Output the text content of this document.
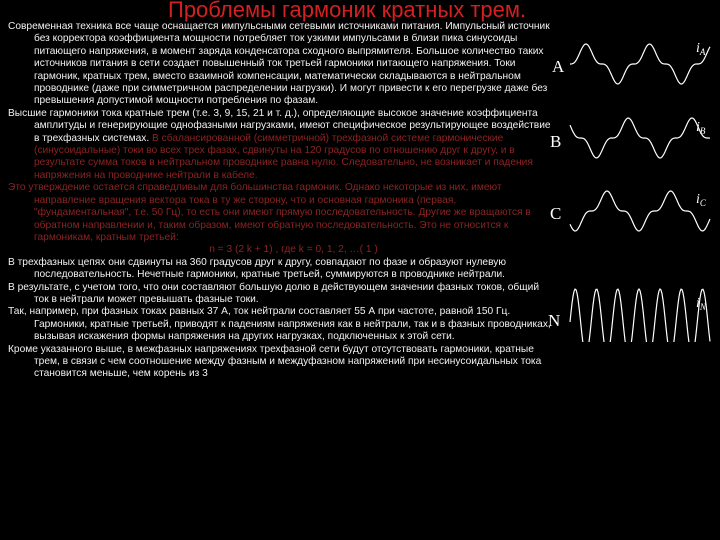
Проблемы гармоник кратных трем.

Современная техника все чаще оснащается импульсными сетевыми источниками питания. Импульсный источник без корректора коэффициента мощности потребляет ток узкими импульсами в близи пика синусоиды питающего напряжения, в момент заряда конденсатора сходного выпрямителя. Большое количество таких источников питания в сети создает повышенный ток третьей гармоники питающего напряжения. Токи гармоник, кратных трем, вместо взаимной компенсации, математически складываются в нейтральном проводнике (даже при симметричном распределении нагрузки). И могут привести к его перегрузке даже без превышения допустимой мощности потребления по фазам.

Высшие гармоники тока кратные трем (т.е. 3, 9, 15, 21 и т. д.), определяющие высокое значение коэффициента амплитуды и генерирующие однофазными нагрузками, имеют специфическое результирующее воздействие в трехфазных системах. В сбалансированной (симметричной) трехфазной системе гармонические (синусоидальные) токи во всех трех фазах, сдвинуты на 120 градусов по отношению друг к другу, и в результате сумма токов в нейтральном проводнике равна нулю. Следовательно, не возникает и падения напряжения на проводнике нейтрали в кабеле.

Это утверждение остается справедливым для большинства гармоник. Однако некоторые из них, имеют направление вращения вектора тока в ту же сторону, что и основная гармоника (первая, "фундаментальная", т.е. 50 Гц), то есть они имеют прямую последовательность. Другие же вращаются в обратном направлении и, таким образом, имеют обратную последовательность. Это не относится к гармоникам, кратным третьей:
n = 3 (2 k + 1) , где k = 0, 1, 2, …( 1 )

В трехфазных цепях они сдвинуты на 360 градусов друг к другу, совпадают по фазе и образуют нулевую последовательность. Нечетные гармоники, кратные третьей, суммируются в проводнике нейтрали.

В результате, с учетом того, что они составляют большую долю в действующем значении фазных токов, общий ток в нейтрали может превышать фазные токи.

Так, например, при фазных токах равных 37 А, ток нейтрали составляет 55 А при частоте, равной 150 Гц. Гармоники, кратные третьей, приводят к падениям напряжения как в нейтрали, так и в фазных проводниках, вызывая искажения формы напряжения на других нагрузках, подключенных к этой сети.

Кроме указанного выше, в межфазных напряжениях трехфазной сети будут отсутствовать гармоники, кратные трем, в связи с чем соотношение между фазным и междуфазном напряжений при несинусоидальных тока становится меньше, чем корень из 3

A
$i_A$
B
$i_B$
C
$i_C$
N
$i_N$
